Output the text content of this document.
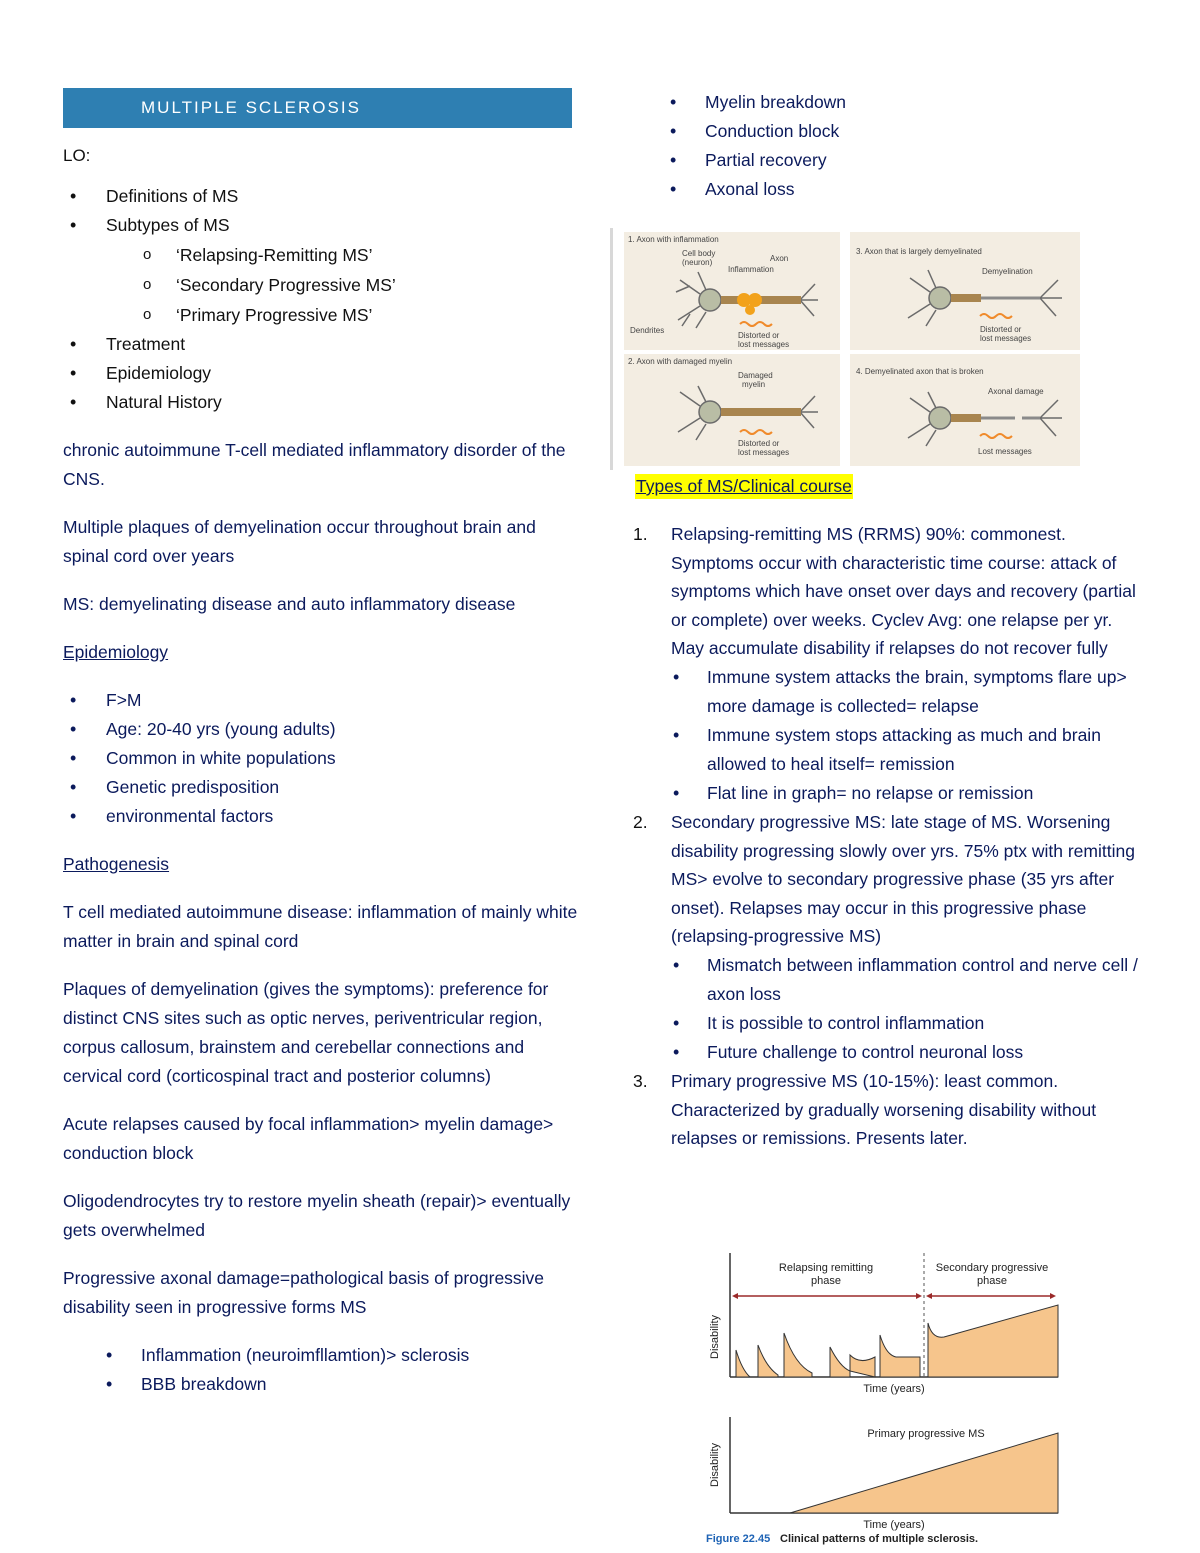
MULTIPLE SCLEROSIS
LO:
• Definitions of MS
• Subtypes of MS
o ‘Relapsing-Remitting MS’
o ‘Secondary Progressive MS’
o ‘Primary Progressive MS’
• Treatment
• Epidemiology
• Natural History

chronic autoimmune T-cell mediated inflammatory disorder of the CNS.

Multiple plaques of demyelination occur throughout brain and spinal cord over years

MS: demyelinating disease and auto inflammatory disease

Epidemiology
• F>M
• Age: 20-40 yrs (young adults)
• Common in white populations
• Genetic predisposition
• environmental factors
Pathogenesis

T cell mediated autoimmune disease: inflammation of mainly white matter in brain and spinal cord

Plaques of demyelination (gives the symptoms): preference for distinct CNS sites such as optic nerves, periventricular region, corpus callosum, brainstem and cerebellar connections and cervical cord (corticospinal tract and posterior columns)

Acute relapses caused by focal inflammation> myelin damage> conduction block

Oligodendrocytes try to restore myelin sheath (repair)> eventually gets overwhelmed

Progressive axonal damage=pathological basis of progressive disability seen in progressive forms MS

• Inflammation (neuroimfllamtion)> sclerosis
• BBB breakdown
• Myelin breakdown
• Conduction block
• Partial recovery
• Axonal loss
1. Axon with inflammation
Cell body
(neuron)	Axon
Inflammation
Dendrites
Distorted or
lost messages
2. Axon with damaged myelin
Damaged
myelin
Distorted or
lost messages
3. Axon that is largely demyelinated
Demyelination
Distorted or
lost messages
4. Demyelinated axon that is broken
Axonal damage
Lost messages
Types of MS/Clinical course
1. Relapsing-remitting MS (RRMS) 90%: commonest. Symptoms occur with characteristic time course: attack of symptoms which have onset over days and recovery (partial or complete) over weeks. Cyclev Avg: one relapse per yr. May accumulate disability if relapses do not recover fully
• Immune system attacks the brain, symptoms flare up> more damage is collected= relapse
• Immune system stops attacking as much and brain allowed to heal itself= remission
• Flat line in graph= no relapse or remission
2. Secondary progressive MS: late stage of MS. Worsening disability progressing slowly over yrs. 75% ptx with remitting MS> evolve to secondary progressive phase (35 yrs after onset). Relapses may occur in this progressive phase (relapsing-progressive MS)
• Mismatch between inflammation control and nerve cell / axon loss
• It is possible to control inflammation
• Future challenge to control neuronal loss
3. Primary progressive MS (10-15%): least common. Characterized by gradually worsening disability without relapses or remissions. Presents later.
Relapsing remitting
phase
Secondary progressive
phase
Disability
Time (years)
Primary progressive MS
Disability
Time (years)
Figure 22.45 Clinical patterns of multiple sclerosis.
